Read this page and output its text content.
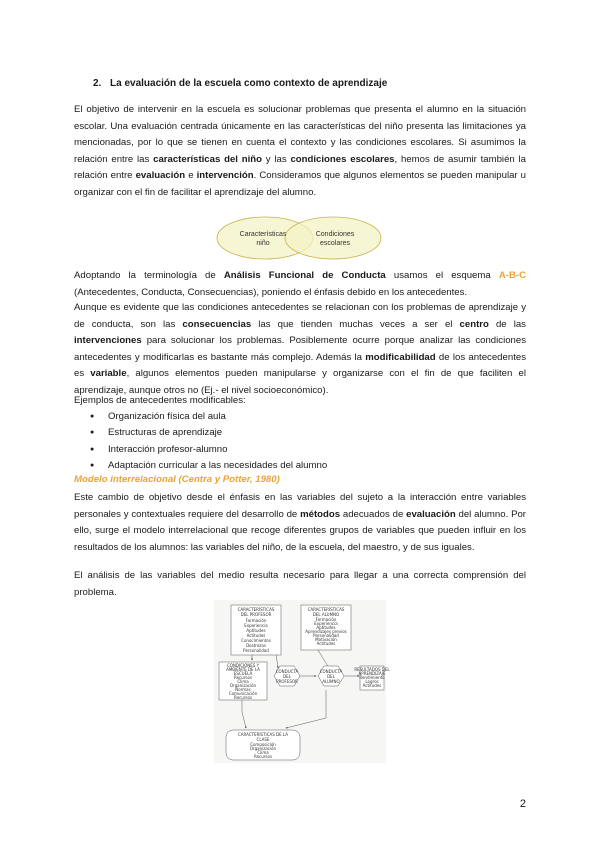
2. La evaluación de la escuela como contexto de aprendizaje
El objetivo de intervenir en la escuela es solucionar problemas que presenta el alumno en la situación escolar. Una evaluación centrada únicamente en las características del niño presenta las limitaciones ya mencionadas, por lo que se tienen en cuenta el contexto y las condiciones escolares. Si asumimos la relación entre las características del niño y las condiciones escolares, hemos de asumir también la relación entre evaluación e intervención. Consideramos que algunos elementos se pueden manipular u organizar con el fin de facilitar el aprendizaje del alumno.
Características
niño
Condiciones
escolares
Adoptando la terminología de Análisis Funcional de Conducta usamos el esquema A-B-C (Antecedentes, Conducta, Consecuencias), poniendo el énfasis debido en los antecedentes.
Aunque es evidente que las condiciones antecedentes se relacionan con los problemas de aprendizaje y de conducta, son las consecuencias las que tienden muchas veces a ser el centro de las intervenciones para solucionar los problemas. Posiblemente ocurre porque analizar las condiciones antecedentes y modificarlas es bastante más complejo. Además la modificabilidad de los antecedentes es variable, algunos elementos pueden manipularse y organizarse con el fin de que faciliten el aprendizaje, aunque otros no (Ej.- el nivel socioeconómico).
Ejemplos de antecedentes modificables:
● Organización física del aula
● Estructuras de aprendizaje
● Interacción profesor-alumno
● Adaptación curricular a las necesidades del alumno
Modelo interrelacional (Centra y Potter, 1980)
Este cambio de objetivo desde el énfasis en las variables del sujeto a la interacción entre variables personales y contextuales requiere del desarrollo de métodos adecuados de evaluación del alumno. Por ello, surge el modelo interrelacional que recoge diferentes grupos de variables que pueden influir en los resultados de los alumnos: las variables del niño, de la escuela, del maestro, y de sus iguales.
El análisis de las variables del medio resulta necesario para llegar a una correcta comprensión del problema.
CARACTERÍSTICAS
DEL PROFESOR
Formación
Experiencia
Aptitudes
Actitudes
Conocimientos
Destrezas
Personalidad
CARACTERÍSTICAS
DEL ALUMNO
Formación
Experiencia
Aptitudes
Aprendizajes previos
Personalidad
Motivación
Actitudes
CONDICIONES Y
AMBIENTE DE LA
ESCUELA
Recursos
Clima
Organización
Normas
Comunicación
Recursos
CONDUCTA
DEL
PROFESOR
CONDUCTA
DEL
ALUMNO
RESULTADOS DEL
APRENDIZAJE
Rendimiento
Logros
Actitudes
CARACTERÍSTICAS DE LA
CLASE
Composición
Organización
Clima
Recursos
2
